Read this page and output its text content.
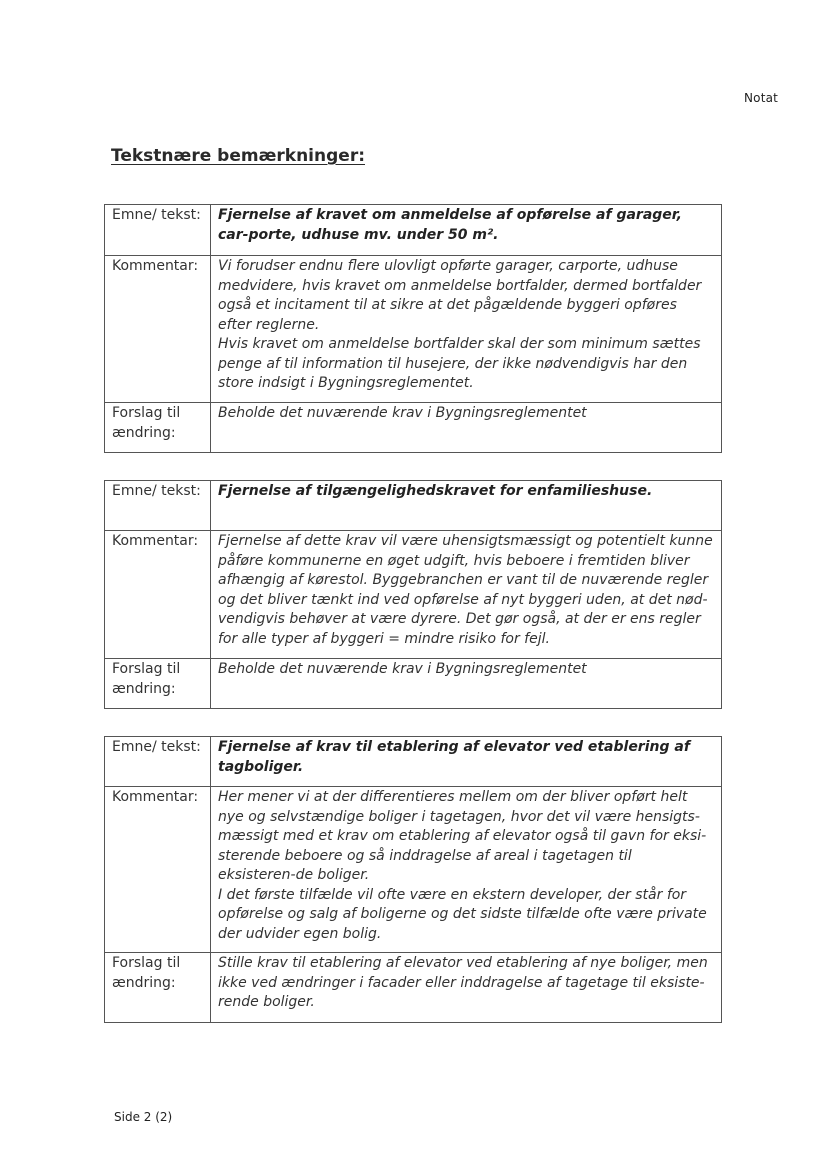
Notat
Tekstnære bemærkninger:
Emne/ tekst:	Fjernelse af kravet om anmeldelse af opførelse af garager, car-porte, udhuse mv. under 50 m².
Kommentar:	Vi forudser endnu flere ulovligt opførte garager, carporte, udhuse medvidere, hvis kravet om anmeldelse bortfalder, dermed bortfalder også et incitament til at sikre at det pågældende byggeri opføres efter reglerne.
Hvis kravet om anmeldelse bortfalder skal der som minimum sættes penge af til information til husejere, der ikke nødvendigvis har den store indsigt i Bygningsreglementet.

Forslag til ændring:	Beholde det nuværende krav i Bygningsreglementet
Emne/ tekst:	Fjernelse af tilgængelighedskravet for enfamilieshuse.
Kommentar:	Fjernelse af dette krav vil være uhensigtsmæssigt og potentielt kunne påføre kommunerne en øget udgift, hvis beboere i fremtiden bliver afhængig af kørestol. Byggebranchen er vant til de nuværende regler og det bliver tænkt ind ved opførelse af nyt byggeri uden, at det nød-vendigvis behøver at være dyrere. Det gør også, at der er ens regler for alle typer af byggeri = mindre risiko for fejl.

Forslag til ændring:	Beholde det nuværende krav i Bygningsreglementet
Emne/ tekst:	Fjernelse af krav til etablering af elevator ved etablering af tagboliger.
Kommentar:	Her mener vi at der differentieres mellem om der bliver opført helt nye og selvstændige boliger i tagetagen, hvor det vil være hensigts-mæssigt med et krav om etablering af elevator også til gavn for eksi-sterende beboere og så inddragelse af areal i tagetagen til eksisteren-de boliger.
I det første tilfælde vil ofte være en ekstern developer, der står for opførelse og salg af boligerne og det sidste tilfælde ofte være private der udvider egen bolig.

Forslag til ændring:	Stille krav til etablering af elevator ved etablering af nye boliger, men ikke ved ændringer i facader eller inddragelse af tagetage til eksiste-rende boliger.
Side 2 (2)
